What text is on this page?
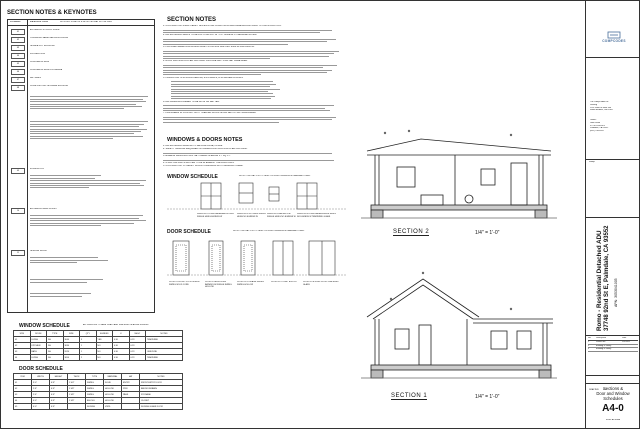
SECTION NOTES & KEYNOTES
SYMBOL	DESCRIPTION	NOTE: ALL SYMBOLS & KEYNOTES MAY NOT BE USED
01
EXTERIOR STUCCO FINISH
02
STANDING SEAM METAL ROOFING
03
SINGLE PLY ROOFING
04
FOUNDATION
05
CONCRETE SLAB
06
CONCRETE SLAB ON GRADE
07
DRYWALL
08
COMPOSITION SHINGLE ROOFING
09
INSULATION
10
EXTERIOR WALL FINISH
11
SLIDING DOOR
WINDOW SCHEDULE	ALL WINDOWS TO HAVE DUAL PANE TEMPERED GLASS AT EGRESS
SYM	ROOM	TYPE	SIZE	QTY	EGRESS	U	SHGC	NOTES
01	LIVING	SH	3040	3	YES	0.30	0.23	TEMPERED
02	KITCHEN	SH	3030	1	NO	0.30	0.23	
03	BATH	SH	2020	1	NO	0.30	0.23	OBSCURE
04	LIVING	SH	3050	2	NO	0.30	0.23	TEMPERED
DOOR SCHEDULE
SYM	WIDTH	HEIGHT	THICK	TYPE	MATERIAL	HW	NOTES
01	3'-0"	6'-8"	1 3/4"	SWING	SOLID	ENTRY	FRONT ENTRY DOOR
02	2'-8"	6'-8"	1 3/8"	SWING	HOLLOW	PRIV	BEDROOM/BATH
03	2'-6"	6'-8"	1 3/8"	SWING	HOLLOW	PASS	STORAGE
04	4'-0"	6'-8"	1 3/8"	BI-FOLD	HOLLOW		CLOSET
05	6'-0"	6'-8"		SLIDING	VINYL		SLIDING GLASS DOOR
SECTION NOTES
1. CONTRACTOR SHALL VERIFY ALL EXISTING CONDITIONS AND DIMENSIONS PRIOR TO CONSTRUCTION.
2. ALL EXTERIOR WALLS TO BE 2X6 STUDS AT 16" O.C. UNLESS OTHERWISE NOTED.
3. PROVIDE FIREBLOCKING AND DRAFTSTOPPING PER CRC R302.11 AND R302.12.
4. ROOF VENTILATION PER CRC R806. PROVIDE MIN. 1/150 NET FREE AREA.
5. INSULATION: R-38 ROOF/CEILING, R-21 WALLS, R-19 RAISED FLOORS.
6. ALL FRAMING LUMBER TO BE DF #2 OR BETTER.
7. FASTENERS IN CONTACT WITH TREATED WOOD SHALL BE HOT-DIP GALVANIZED.
WINDOWS & DOORS NOTES
1. ALL EXTERIOR GLAZING TO BE DUAL PANE, LOW-E.
2. SAFETY GLAZING REQUIRED IN HAZARDOUS LOCATIONS PER CRC R308.
3. EGRESS WINDOWS: MIN. NET CLEAR OPENING 5.7 SQ. FT.
4. U-FACTOR AND SHGC PER TITLE 24 ENERGY CALCULATIONS.
5. CONTRACTOR TO VERIFY ROUGH OPENINGS WITH MANUFACTURER.
WINDOW SCHEDULE	NOTE: CONTRACTOR TO VERIFY ROUGH OPENINGS W/ MANUFACTURER.
WINDOW 01 LIVING AREA BEDROOMS SINGLE HUNG EGRESS W
WINDOW 02 KITCHEN SINGLE HUNG NO EGRESS W
WINDOW 03 BATHROOM SINGLE HUNG NO EGRESS W
WINDOW 04 LIVING AREA SINGLE HUNG NO EGRESS W TEMPERED GLASS
DOOR SCHEDULE	NOTE: CONTRACTOR TO VERIFY ROUGH OPENINGS W/ MANUFACTURER.
DOOR 01 FRONT DOOR SINGLE SWING SOLID CORE
DOOR 02 BEDROOMS BATHROOM SINGLE SWING HOLLOW
DOOR 03 STORAGE SINGLE SWING HOLLOW
DOOR 04 CLOSET BI-FOLD	DOOR 05 SLIDING DOOR TEMPERED GLASS
SECTION 2	1/4" = 1'-0"
SECTION 1	1/4" = 1'-0"
COMPCODES
The CompCodes Inc.
Drafting
2901 State St Suite 306
Santa Barbara, CA 93105
Owner:
Uriel Romo
37748 92nd St E
Palmdale, CA 93552
(661) 706-6205
Stamp
Romo - Residential Detached ADU 37748 92nd St E, Palmdale, CA 93552 APN: 3053041005
No.	Description	Date
1	Permit Set	1/5/2024
2	Building & Safety
3	Building & Safety
DRAFTER: U.L
Sections &
Door and Window
Schedules
A4-0
Scale: As Noted
